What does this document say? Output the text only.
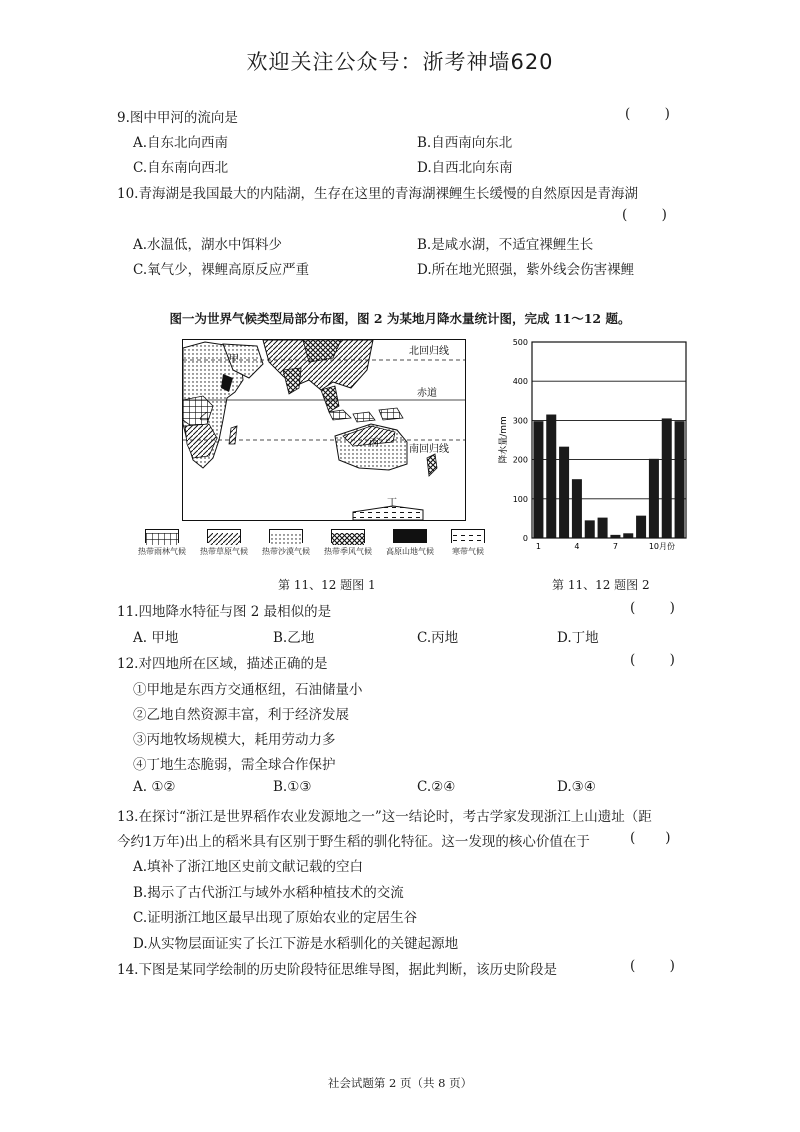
欢迎关注公众号：浙考神墙620
9.图中甲河的流向是	(        )
A.自东北向西南	B.自西南向东北
C.自东南向西北	D.自西北向东南
10.青海湖是我国最大的内陆湖，生存在这里的青海湖裸鲤生长缓慢的自然原因是青海湖
(        )
A.水温低，湖水中饵料少	B.是咸水湖，不适宜裸鲤生长
C.氧气少，裸鲤高原反应严重	D.所在地光照强，紫外线会伤害裸鲤
图一为世界气候类型局部分布图，图 2 为某地月降水量统计图，完成 11～12 题。
北回归线
赤道
南回归线
甲
乙
丙
丁
热带雨林气候	热带草原气候	热带沙漠气候	热带季风气候	高原山地气候	寒带气候
0
100
200
300
400
500
1	4	7	10月份
降水量/mm
第 11、12 题图 1	第 11、12 题图 2
11.四地降水特征与图 2 最相似的是	(        )
A. 甲地	B.乙地	C.丙地	D.丁地
12.对四地所在区域，描述正确的是	(        )
①甲地是东西方交通枢纽，石油储量小
②乙地自然资源丰富，利于经济发展
③丙地牧场规模大，耗用劳动力多
④丁地生态脆弱，需全球合作保护
A. ①②	B.①③	C.②④	D.③④
13.在探讨“浙江是世界稻作农业发源地之一”这一结论时，考古学家发现浙江上山遗址（距
今约1万年)出上的稻米具有区别于野生稻的驯化特征。这一发现的核心价值在于	(       )
A.填补了浙江地区史前文献记载的空白
B.揭示了古代浙江与域外水稻种植技术的交流
C.证明浙江地区最早出现了原始农业的定居生谷
D.从实物层面证实了长江下游是水稻驯化的关键起源地
14.下图是某同学绘制的历史阶段特征思维导图，据此判断，该历史阶段是	(        )
社会试题第 2 页（共 8 页）
